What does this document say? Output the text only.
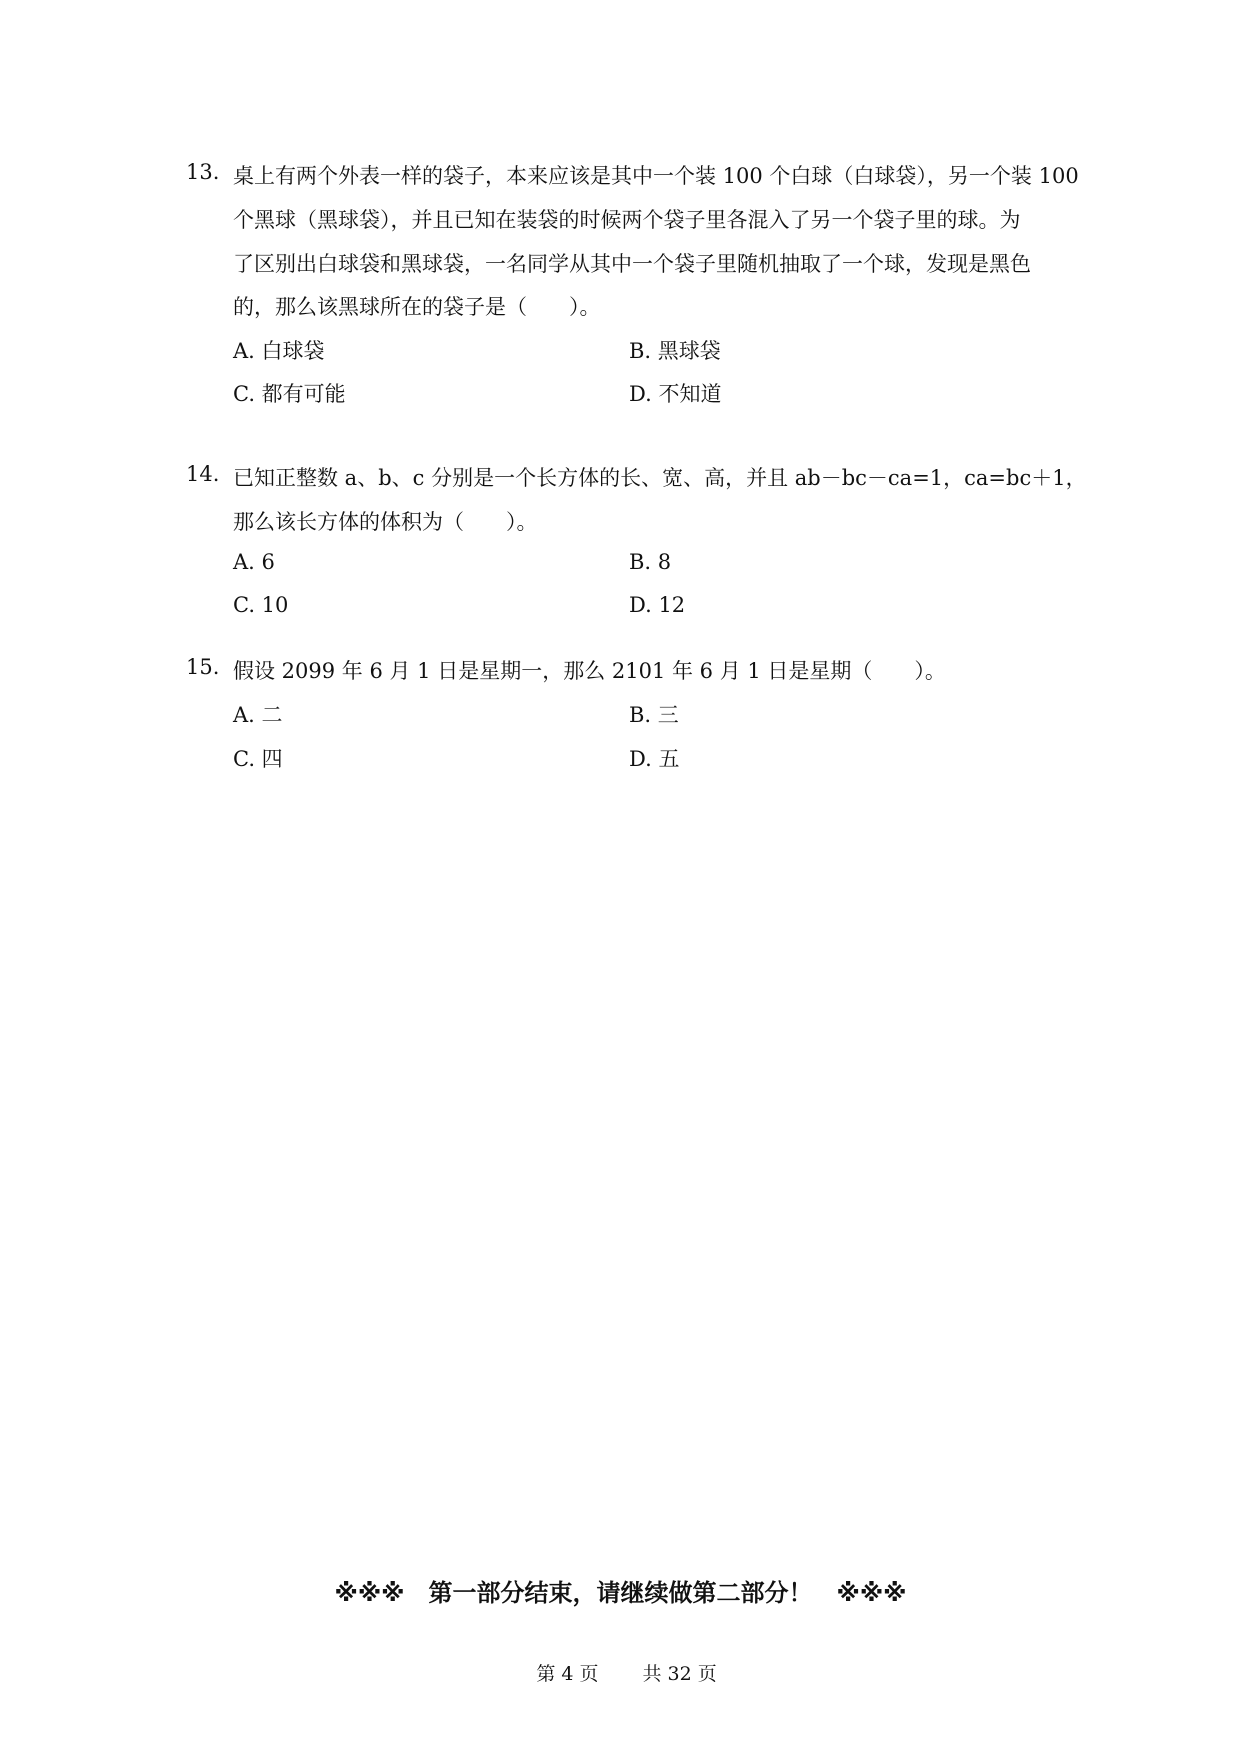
13. 桌上有两个外表一样的袋子，本来应该是其中一个装 100 个白球（白球袋），另一个装 100
个黑球（黑球袋），并且已知在装袋的时候两个袋子里各混入了另一个袋子里的球。为
了区别出白球袋和黑球袋，一名同学从其中一个袋子里随机抽取了一个球，发现是黑色
的，那么该黑球所在的袋子是（　　）。
A. 白球袋	B. 黑球袋
C. 都有可能	D. 不知道
14. 已知正整数 a、b、c 分别是一个长方体的长、宽、高，并且 ab－bc－ca=1，ca=bc＋1，
那么该长方体的体积为（　　）。
A. 6	B. 8
C. 10	D. 12
15. 假设 2099 年 6 月 1 日是星期一，那么 2101 年 6 月 1 日是星期（　　）。
A. 二	B. 三
C. 四	D. 五
※※※　第一部分结束，请继续做第二部分！　※※※

第 4 页 共 32 页
